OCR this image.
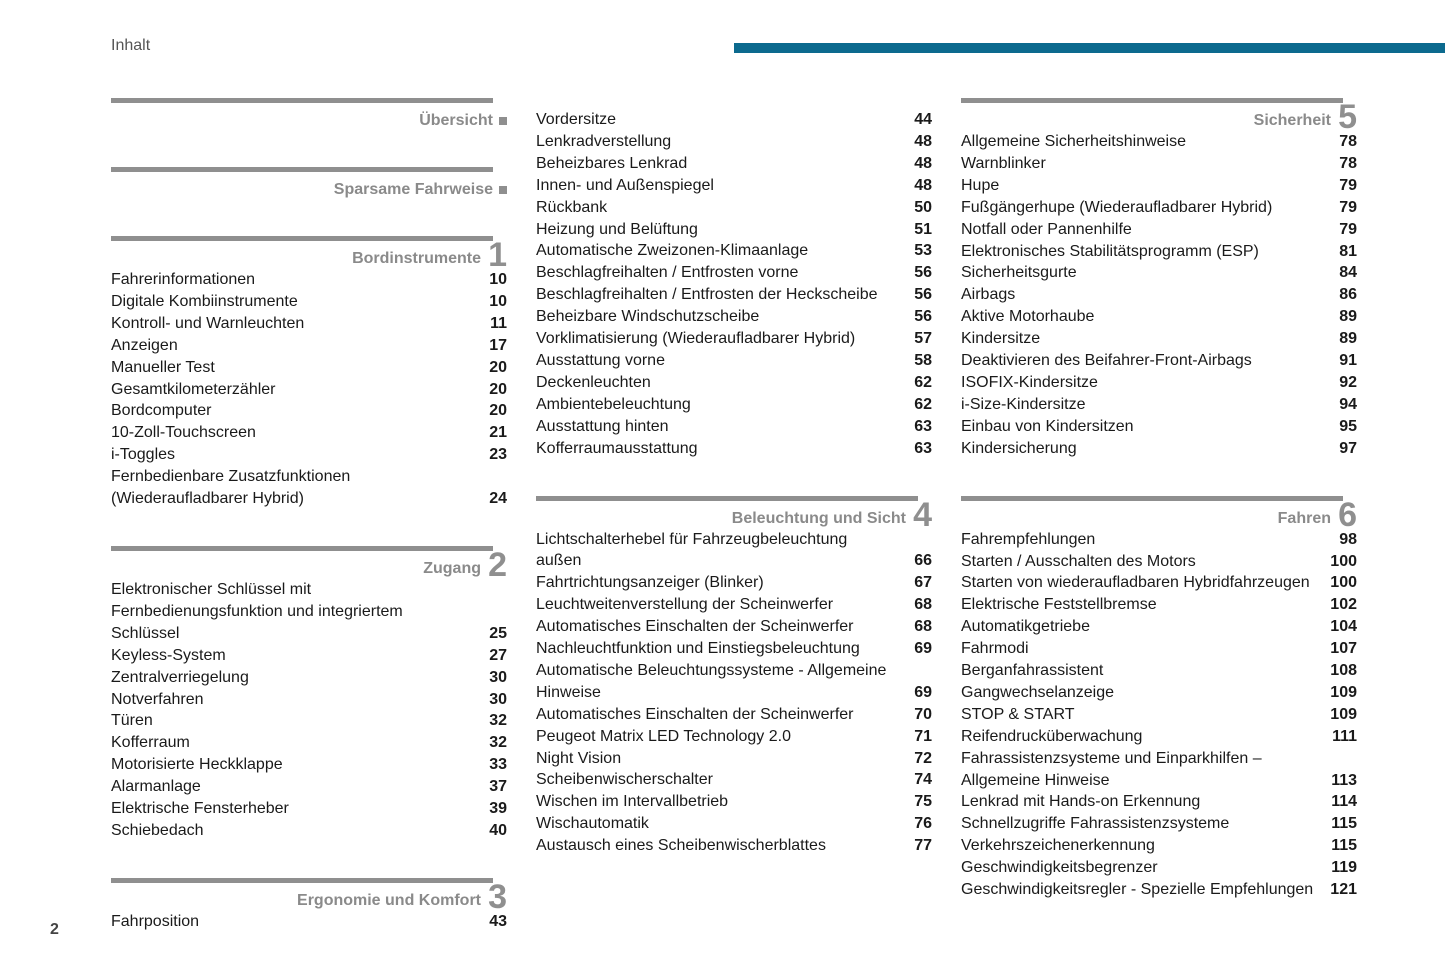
Inhalt
Übersicht
Sparsame Fahrweise
Bordinstrumente 1
Fahrerinformationen	10
Digitale Kombiinstrumente	10
Kontroll- und Warnleuchten	11
Anzeigen	17
Manueller Test	20
Gesamtkilometerzähler	20
Bordcomputer	20
10-Zoll-Touchscreen	21
i-Toggles	23
Fernbedienbare Zusatzfunktionen
(Wiederaufladbarer Hybrid)	24
Zugang 2
Elektronischer Schlüssel mit
Fernbedienungsfunktion und integriertem Schlüssel	25
Keyless-System	27
Zentralverriegelung	30
Notverfahren	30
Türen	32
Kofferraum	32
Motorisierte Heckklappe	33
Alarmanlage	37
Elektrische Fensterheber	39
Schiebedach	40
Ergonomie und Komfort 3
Fahrposition	43
Vordersitze	44
Lenkradverstellung	48
Beheizbares Lenkrad	48
Innen- und Außenspiegel	48
Rückbank	50
Heizung und Belüftung	51
Automatische Zweizonen-Klimaanlage	53
Beschlagfreihalten / Entfrosten vorne	56
Beschlagfreihalten / Entfrosten der Heckscheibe	56
Beheizbare Windschutzscheibe	56
Vorklimatisierung (Wiederaufladbarer Hybrid)	57
Ausstattung vorne	58
Deckenleuchten	62
Ambientebeleuchtung	62
Ausstattung hinten	63
Kofferraumausstattung	63
Beleuchtung und Sicht 4
Lichtschalterhebel für Fahrzeugbeleuchtung außen	66
Fahrtrichtungsanzeiger (Blinker)	67
Leuchtweitenverstellung der Scheinwerfer	68
Automatisches Einschalten der Scheinwerfer	68
Nachleuchtfunktion und Einstiegsbeleuchtung	69
Automatische Beleuchtungssysteme - Allgemeine
Hinweise	69
Automatisches Einschalten der Scheinwerfer	70
Peugeot Matrix LED Technology 2.0	71
Night Vision	72
Scheibenwischerschalter	74
Wischen im Intervallbetrieb	75
Wischautomatik	76
Austausch eines Scheibenwischerblattes	77
Sicherheit 5
Allgemeine Sicherheitshinweise	78
Warnblinker	78
Hupe	79
Fußgängerhupe (Wiederaufladbarer Hybrid)	79
Notfall oder Pannenhilfe	79
Elektronisches Stabilitätsprogramm (ESP)	81
Sicherheitsgurte	84
Airbags	86
Aktive Motorhaube	89
Kindersitze	89
Deaktivieren des Beifahrer-Front-Airbags	91
ISOFIX-Kindersitze	92
i-Size-Kindersitze	94
Einbau von Kindersitzen	95
Kindersicherung	97
Fahren 6
Fahrempfehlungen	98
Starten / Ausschalten des Motors	100
Starten von wiederaufladbaren Hybridfahrzeugen	100
Elektrische Feststellbremse	102
Automatikgetriebe	104
Fahrmodi	107
Berganfahrassistent	108
Gangwechselanzeige	109
STOP & START	109
Reifendrucküberwachung	111
Fahrassistenzsysteme und Einparkhilfen –
Allgemeine Hinweise	113
Lenkrad mit Hands-on Erkennung	114
Schnellzugriffe Fahrassistenzsysteme	115
Verkehrszeichenerkennung	115
Geschwindigkeitsbegrenzer	119
Geschwindigkeitsregler - Spezielle Empfehlungen	121
2
